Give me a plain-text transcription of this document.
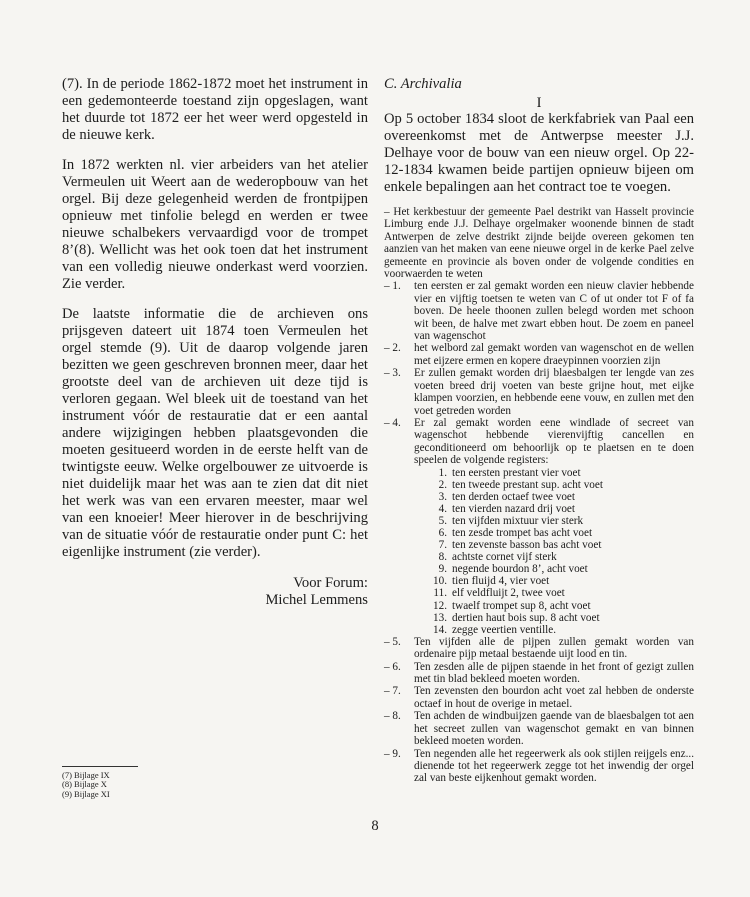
(7). In de periode 1862-1872 moet het instrument in een gedemonteerde toestand zijn opgeslagen, want het duurde tot 1872 eer het weer werd opgesteld in de nieuwe kerk.

In 1872 werkten nl. vier arbeiders van het atelier Vermeulen uit Weert aan de wederopbouw van het orgel. Bij deze gelegenheid werden de frontpijpen opnieuw met tinfolie belegd en werden er twee nieuwe schalbekers vervaardigd voor de trompet 8’(8). Wellicht was het ook toen dat het instrument van een volledig nieuwe onderkast werd voorzien. Zie verder.

De laatste informatie die de archieven ons prijsgeven dateert uit 1874 toen Vermeulen het orgel stemde (9). Uit de daarop volgende jaren bezitten we geen geschreven bronnen meer, daar het grootste deel van de archieven uit deze tijd is verloren gegaan. Wel bleek uit de toestand van het instrument vóór de restauratie dat er een aantal andere wijzigingen hebben plaatsgevonden die moeten gesitueerd worden in de eerste helft van de twintigste eeuw. Welke orgelbouwer ze uitvoerde is niet duidelijk maar het was aan te zien dat dit niet het werk was van een ervaren meester, maar wel van een knoeier! Meer hierover in de beschrijving van de situatie vóór de restauratie onder punt C: het eigenlijke instrument (zie verder).

Voor Forum:
Michel Lemmens
(7) Bijlage IX
(8) Bijlage X
(9) Bijlage XI

C. Archivalia

I

Op 5 october 1834 sloot de kerkfabriek van Paal een overeenkomst met de Antwerpse meester J.J. Delhaye voor de bouw van een nieuw orgel. Op 22-12-1834 kwamen beide partijen opnieuw bijeen om enkele bepalingen aan het contract toe te voegen.

– Het kerkbestuur der gemeente Pael destrikt van Hasselt provincie Limburg ende J.J. Delhaye orgelmaker woonende binnen de stadt Antwerpen de zelve destrikt zijnde beijde overeen gekomen ten aanzien van het maken van eene nieuwe orgel in de kerke Pael zelve gemeente en provincie als boven onder de volgende condities en voorwaerden te weten

– 1.	ten eersten er zal gemakt worden een nieuw clavier hebbende vier en vijftig toetsen te weten van C of ut onder tot F of fa boven. De heele thoonen zullen belegd worden met schoon wit been, de halve met zwart ebben hout. De zoem en paneel van wagenschot
– 2.	het welbord zal gemakt worden van wagenschot en de wellen met eijzere ermen en kopere draeypinnen voorzien zijn
– 3.	Er zullen gemakt worden drij blaesbalgen ter lengde van zes voeten breed drij voeten van beste grijne hout, met eijke klampen voorzien, en hebbende eene vouw, en zullen met den voet getreden worden
– 4.	Er zal gemakt worden eene windlade of secreet van wagenschot hebbende vierenvijftig cancellen en geconditioneerd om behoorlijk op te plaetsen en te doen speelen de volgende registers:
1. ten eersten prestant vier voet
2. ten tweede prestant sup. acht voet
3. ten derden octaef twee voet
4. ten vierden nazard drij voet
5. ten vijfden mixtuur vier sterk
6. ten zesde trompet bas acht voet
7. ten zevenste basson bas acht voet
8. achtste cornet vijf sterk
9. negende bourdon 8’, acht voet
10. tien fluijd 4, vier voet
11. elf veldfluijt 2, twee voet
12. twaelf trompet sup 8, acht voet
13. dertien haut bois sup. 8 acht voet
14. zegge veertien ventille.
– 5.	Ten vijfden alle de pijpen zullen gemakt worden van ordenaire pijp metaal bestaende uijt lood en tin.
– 6.	Ten zesden alle de pijpen staende in het front of gezigt zullen met tin blad bekleed moeten worden.
– 7.	Ten zevensten den bourdon acht voet zal hebben de onderste octaef in hout de overige in metael.
– 8.	Ten achden de windbuijzen gaende van de blaesbalgen tot aen het secreet zullen van wagenschot gemakt en van binnen bekleed moeten worden.
– 9.	Ten negenden alle het regeerwerk als ook stijlen reijgels enz... dienende tot het regeerwerk zegge tot het inwendig der orgel zal van beste eijkenhout gemakt worden.
8
